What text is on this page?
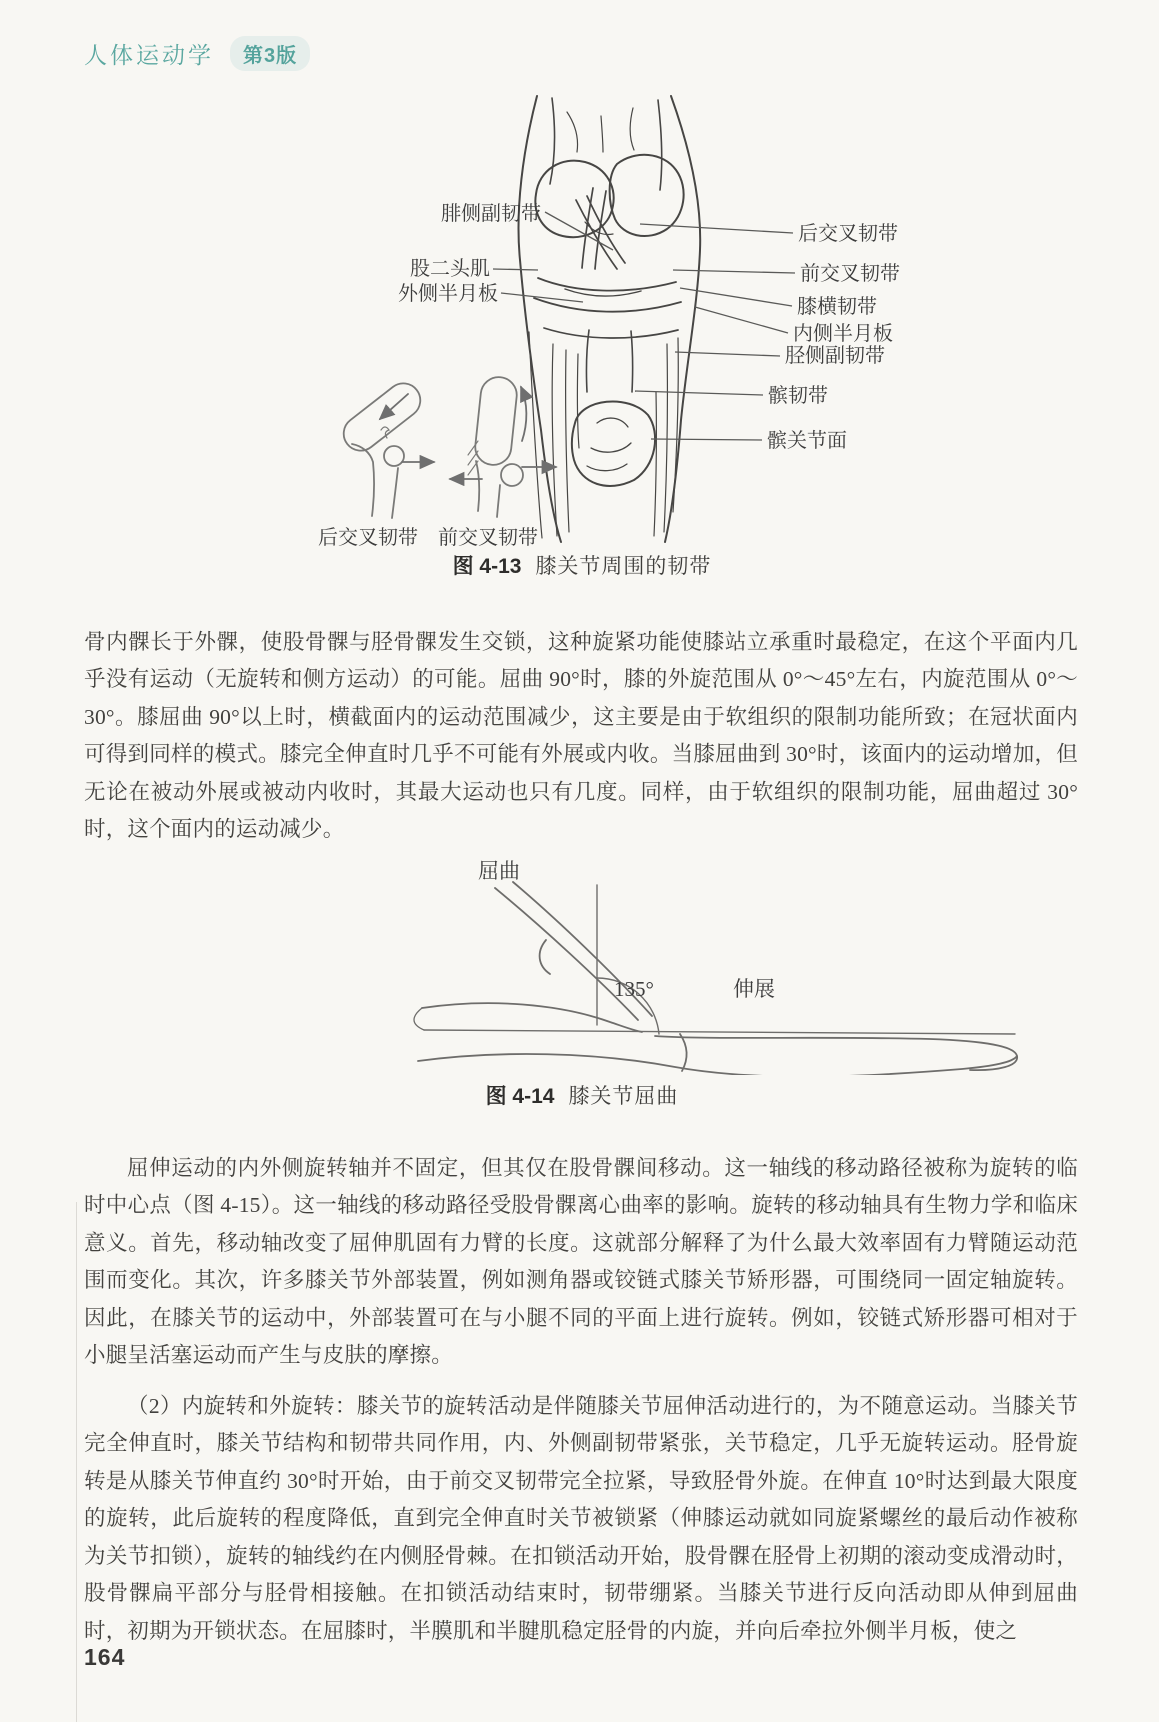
人体运动学	第3版
腓侧副韧带
股二头肌
外侧半月板
后交叉韧带
前交叉韧带
膝横韧带
内侧半月板
胫侧副韧带
髌韧带
髌关节面
后交叉韧带 前交叉韧带
图 4-13 膝关节周围的韧带

骨内髁长于外髁，使股骨髁与胫骨髁发生交锁，这种旋紧功能使膝站立承重时最稳定，在这个平面内几乎没有运动（无旋转和侧方运动）的可能。屈曲 90°时，膝的外旋范围从 0°～45°左右，内旋范围从 0°～30°。膝屈曲 90°以上时，横截面内的运动范围减少，这主要是由于软组织的限制功能所致；在冠状面内可得到同样的模式。膝完全伸直时几乎不可能有外展或内收。当膝屈曲到 30°时，该面内的运动增加，但无论在被动外展或被动内收时，其最大运动也只有几度。同样，由于软组织的限制功能，屈曲超过 30°时，这个面内的运动减少。

屈曲
135°	伸展
图 4-14 膝关节屈曲

屈伸运动的内外侧旋转轴并不固定，但其仅在股骨髁间移动。这一轴线的移动路径被称为旋转的临时中心点（图 4-15）。这一轴线的移动路径受股骨髁离心曲率的影响。旋转的移动轴具有生物力学和临床意义。首先，移动轴改变了屈伸肌固有力臂的长度。这就部分解释了为什么最大效率固有力臂随运动范围而变化。其次，许多膝关节外部装置，例如测角器或铰链式膝关节矫形器，可围绕同一固定轴旋转。因此，在膝关节的运动中，外部装置可在与小腿不同的平面上进行旋转。例如，铰链式矫形器可相对于小腿呈活塞运动而产生与皮肤的摩擦。

（2）内旋转和外旋转：膝关节的旋转活动是伴随膝关节屈伸活动进行的，为不随意运动。当膝关节完全伸直时，膝关节结构和韧带共同作用，内、外侧副韧带紧张，关节稳定，几乎无旋转运动。胫骨旋转是从膝关节伸直约 30°时开始，由于前交叉韧带完全拉紧，导致胫骨外旋。在伸直 10°时达到最大限度的旋转，此后旋转的程度降低，直到完全伸直时关节被锁紧（伸膝运动就如同旋紧螺丝的最后动作被称为关节扣锁），旋转的轴线约在内侧胫骨棘。在扣锁活动开始，股骨髁在胫骨上初期的滚动变成滑动时，股骨髁扁平部分与胫骨相接触。在扣锁活动结束时，韧带绷紧。当膝关节进行反向活动即从伸到屈曲时，初期为开锁状态。在屈膝时，半膜肌和半腱肌稳定胫骨的内旋，并向后牵拉外侧半月板，使之

164
